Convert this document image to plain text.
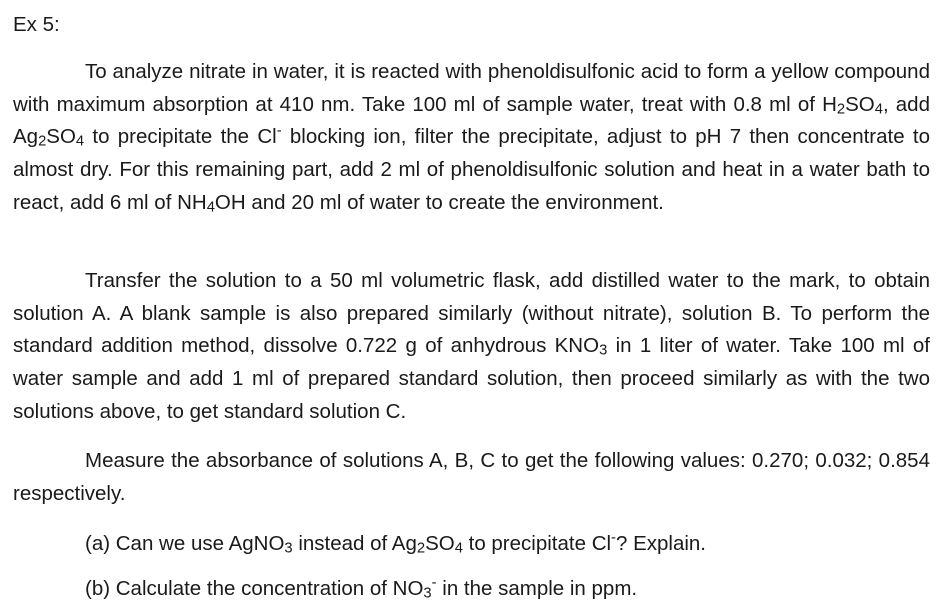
Ex 5:

To analyze nitrate in water, it is reacted with phenoldisulfonic acid to form a yellow compound with maximum absorption at 410 nm. Take 100 ml of sample water, treat with 0.8 ml of $H_2SO_4$, add $Ag_2SO_4$ to precipitate the Cl- blocking ion, filter the precipitate, adjust to pH 7 then concentrate to almost dry. For this remaining part, add 2 ml of phenoldisulfonic solution and heat in a water bath to react, add 6 ml of $NH_4OH$ and 20 ml of water to create the environment.

Transfer the solution to a 50 ml volumetric flask, add distilled water to the mark, to obtain solution A. A blank sample is also prepared similarly (without nitrate), solution B. To perform the standard addition method, dissolve 0.722 g of anhydrous $KNO_3$ in 1 liter of water. Take 100 ml of water sample and add 1 ml of prepared standard solution, then proceed similarly as with the two solutions above, to get standard solution C.

Measure the absorbance of solutions A, B, C to get the following values: 0.270; 0.032; 0.854 respectively.

(a) Can we use AgNO$_3$ instead of $Ag_2SO_4$ to precipitate Cl-? Explain.
(b) Calculate the concentration of $NO_3^-$ in the sample in ppm.
